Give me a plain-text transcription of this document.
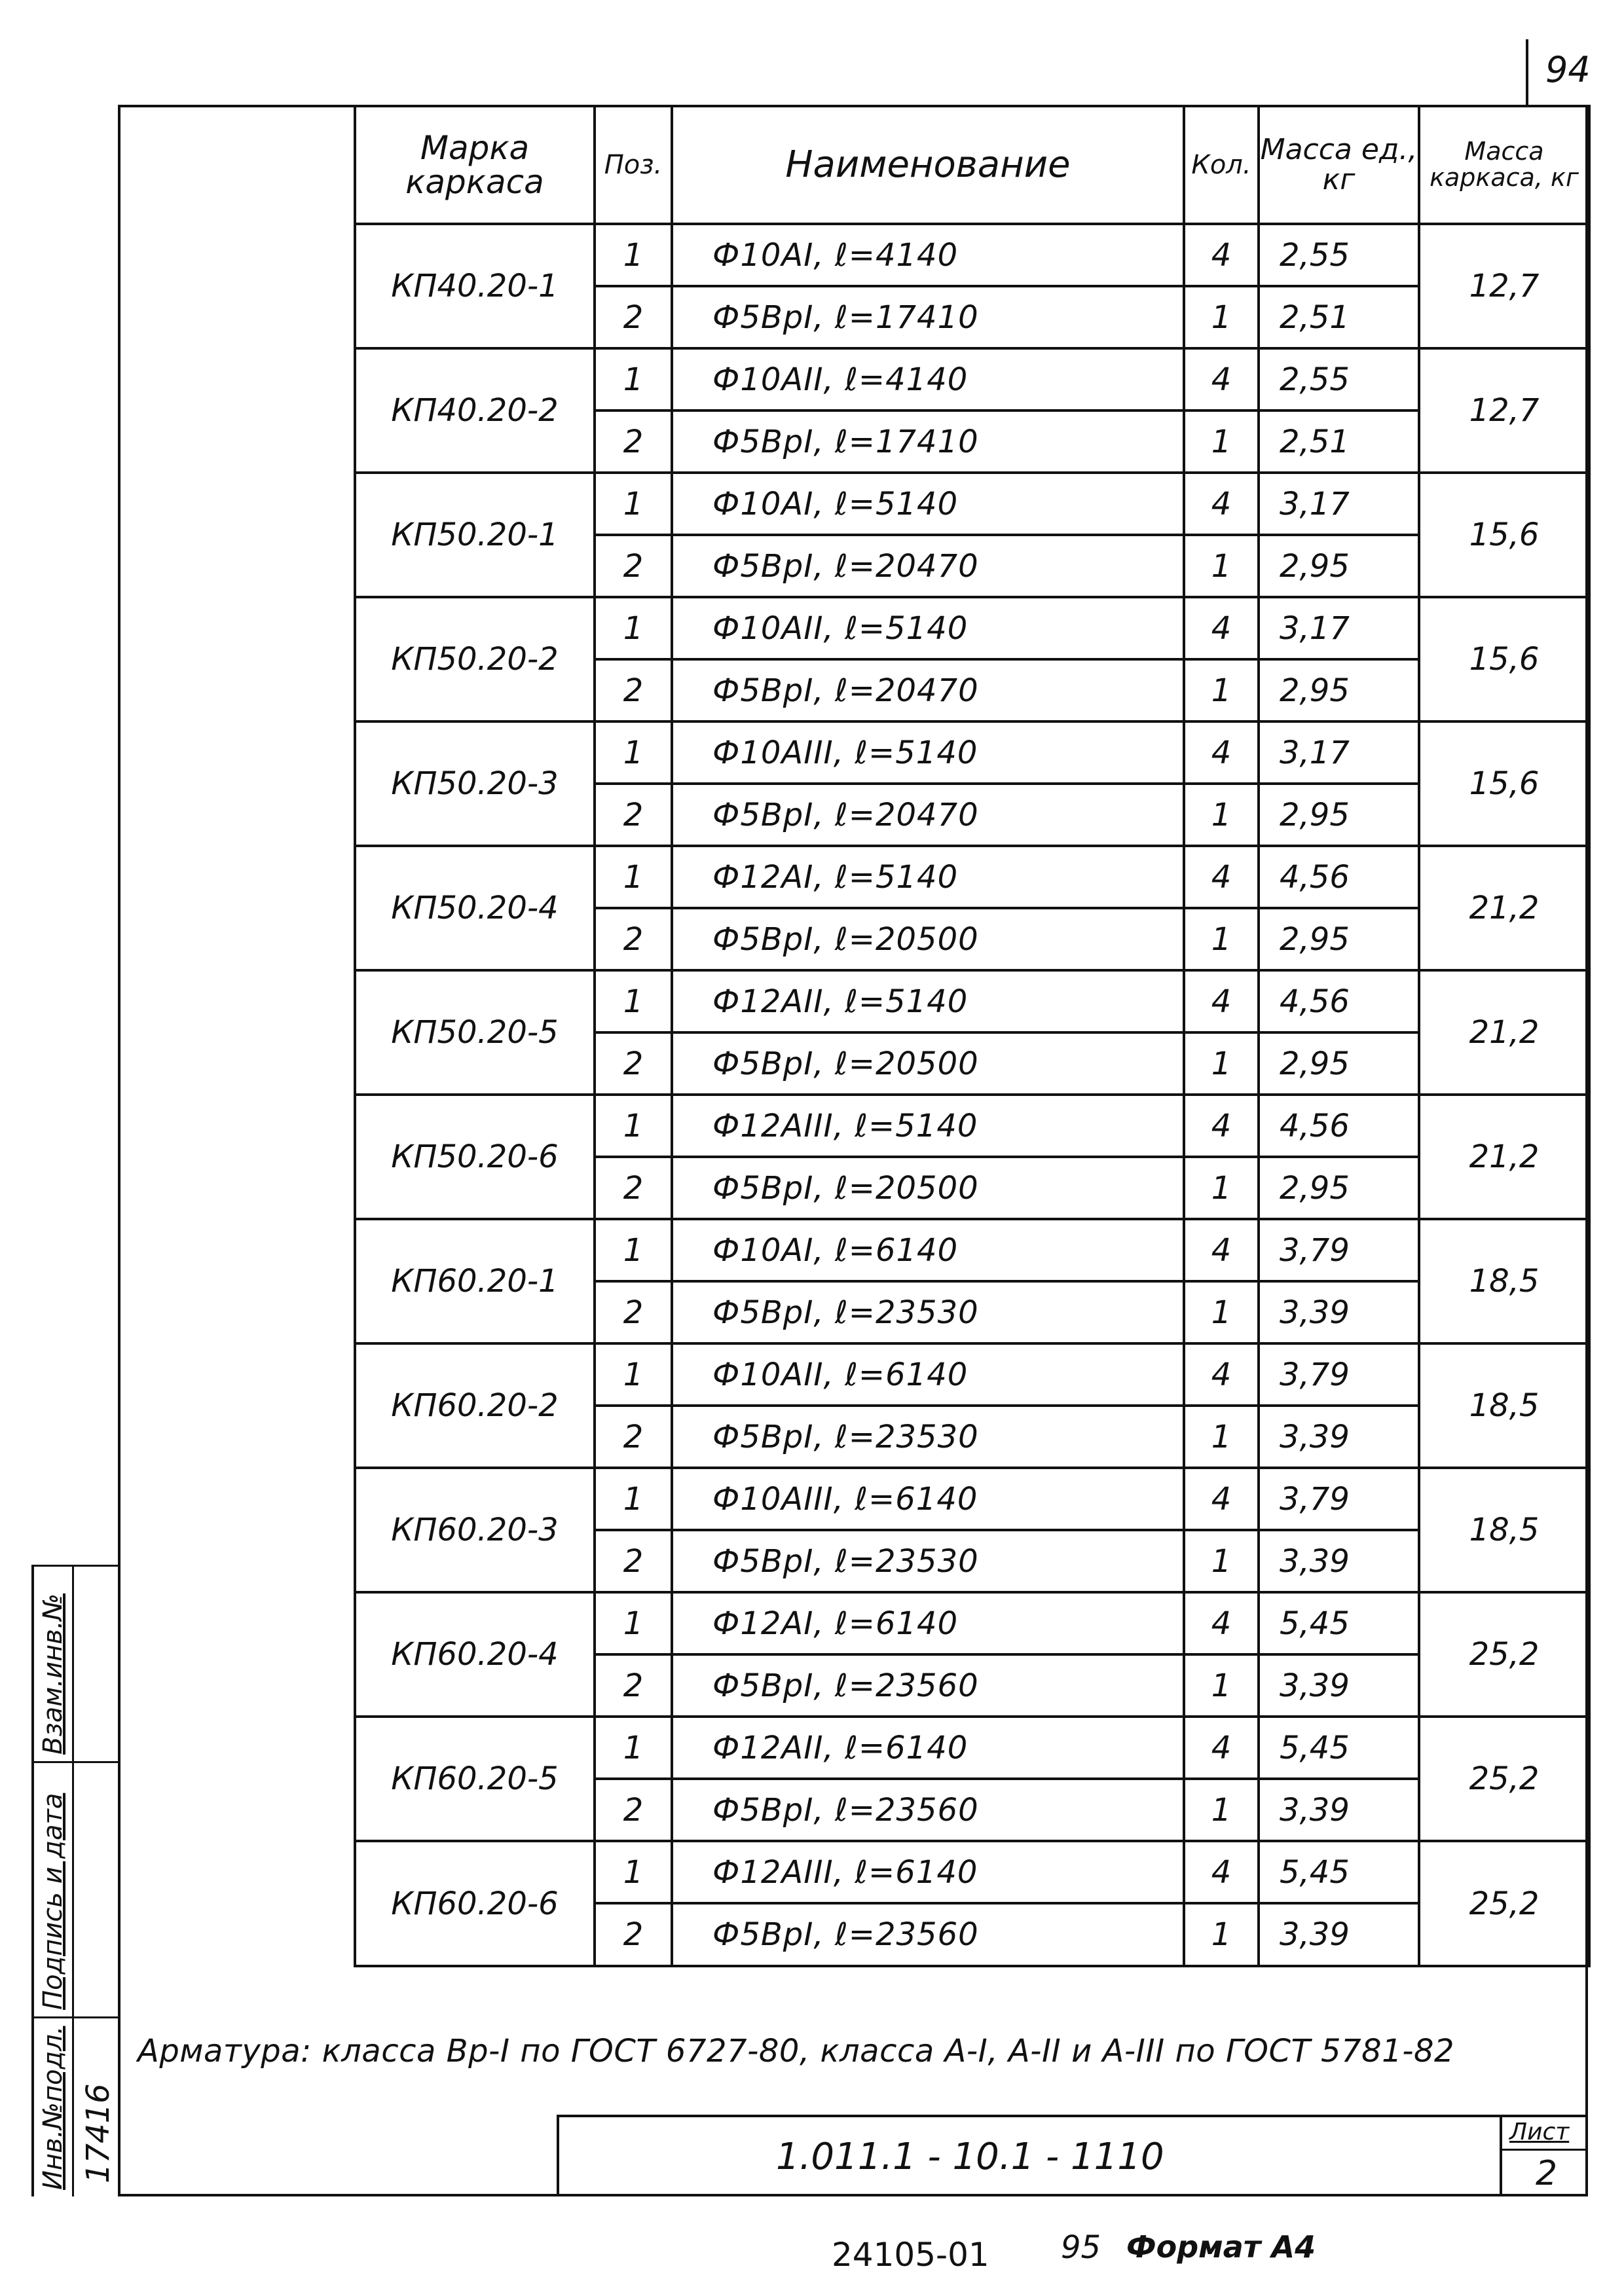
94
Марка каркаса	Поз.	Наименование	Кол.	Масса ед., кг	Масса каркаса, кг
КП40.20-1	1	Ф10АI, ℓ=4140	4	2,55	12,7
	2	Ф5ВрI, ℓ=17410	1	2,51	
КП40.20-2	1	Ф10АII, ℓ=4140	4	2,55	12,7
	2	Ф5ВрI, ℓ=17410	1	2,51	
КП50.20-1	1	Ф10АI, ℓ=5140	4	3,17	15,6
	2	Ф5ВрI, ℓ=20470	1	2,95	
КП50.20-2	1	Ф10АII, ℓ=5140	4	3,17	15,6
	2	Ф5ВрI, ℓ=20470	1	2,95	
КП50.20-3	1	Ф10АIII, ℓ=5140	4	3,17	15,6
	2	Ф5ВрI, ℓ=20470	1	2,95	
КП50.20-4	1	Ф12АI, ℓ=5140	4	4,56	21,2
	2	Ф5ВрI, ℓ=20500	1	2,95	
КП50.20-5	1	Ф12АII, ℓ=5140	4	4,56	21,2
	2	Ф5ВрI, ℓ=20500	1	2,95	
КП50.20-6	1	Ф12АIII, ℓ=5140	4	4,56	21,2
	2	Ф5ВрI, ℓ=20500	1	2,95	
КП60.20-1	1	Ф10АI, ℓ=6140	4	3,79	18,5
	2	Ф5ВрI, ℓ=23530	1	3,39	
КП60.20-2	1	Ф10АII, ℓ=6140	4	3,79	18,5
	2	Ф5ВрI, ℓ=23530	1	3,39	
КП60.20-3	1	Ф10АIII, ℓ=6140	4	3,79	18,5
	2	Ф5ВрI, ℓ=23530	1	3,39	
КП60.20-4	1	Ф12АI, ℓ=6140	4	5,45	25,2
	2	Ф5ВрI, ℓ=23560	1	3,39	
КП60.20-5	1	Ф12АII, ℓ=6140	4	5,45	25,2
	2	Ф5ВрI, ℓ=23560	1	3,39	
КП60.20-6	1	Ф12АIII, ℓ=6140	4	5,45	25,2
	2	Ф5ВрI, ℓ=23560	1	3,39	
Арматура: класса Вр-I по ГОСТ 6727-80, класса А-I, А-II и А-III по ГОСТ 5781-82
1.011.1 - 10.1 - 1110
Лист
2
Взам.инв.№
Подпись и дата
Инв.№подл. 17416
24105-01 95 Формат А4
